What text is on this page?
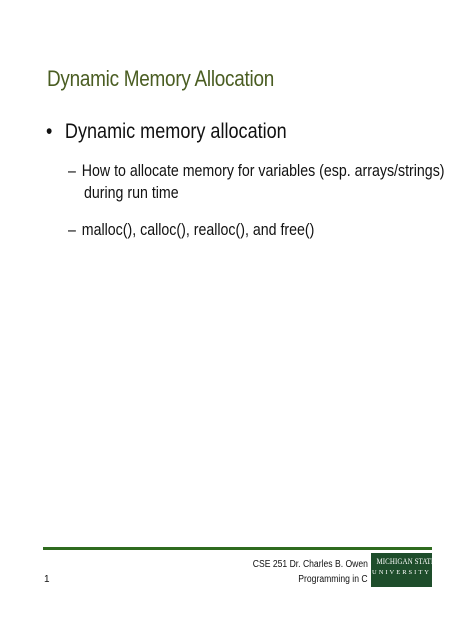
Dynamic Memory Allocation
• Dynamic memory allocation
– How to allocate memory for variables (esp. arrays/strings)
during run time
– malloc(), calloc(), realloc(), and free()
1
CSE 251 Dr. Charles B. Owen
Programming in C
MICHIGAN STATE
UNIVERSITY
